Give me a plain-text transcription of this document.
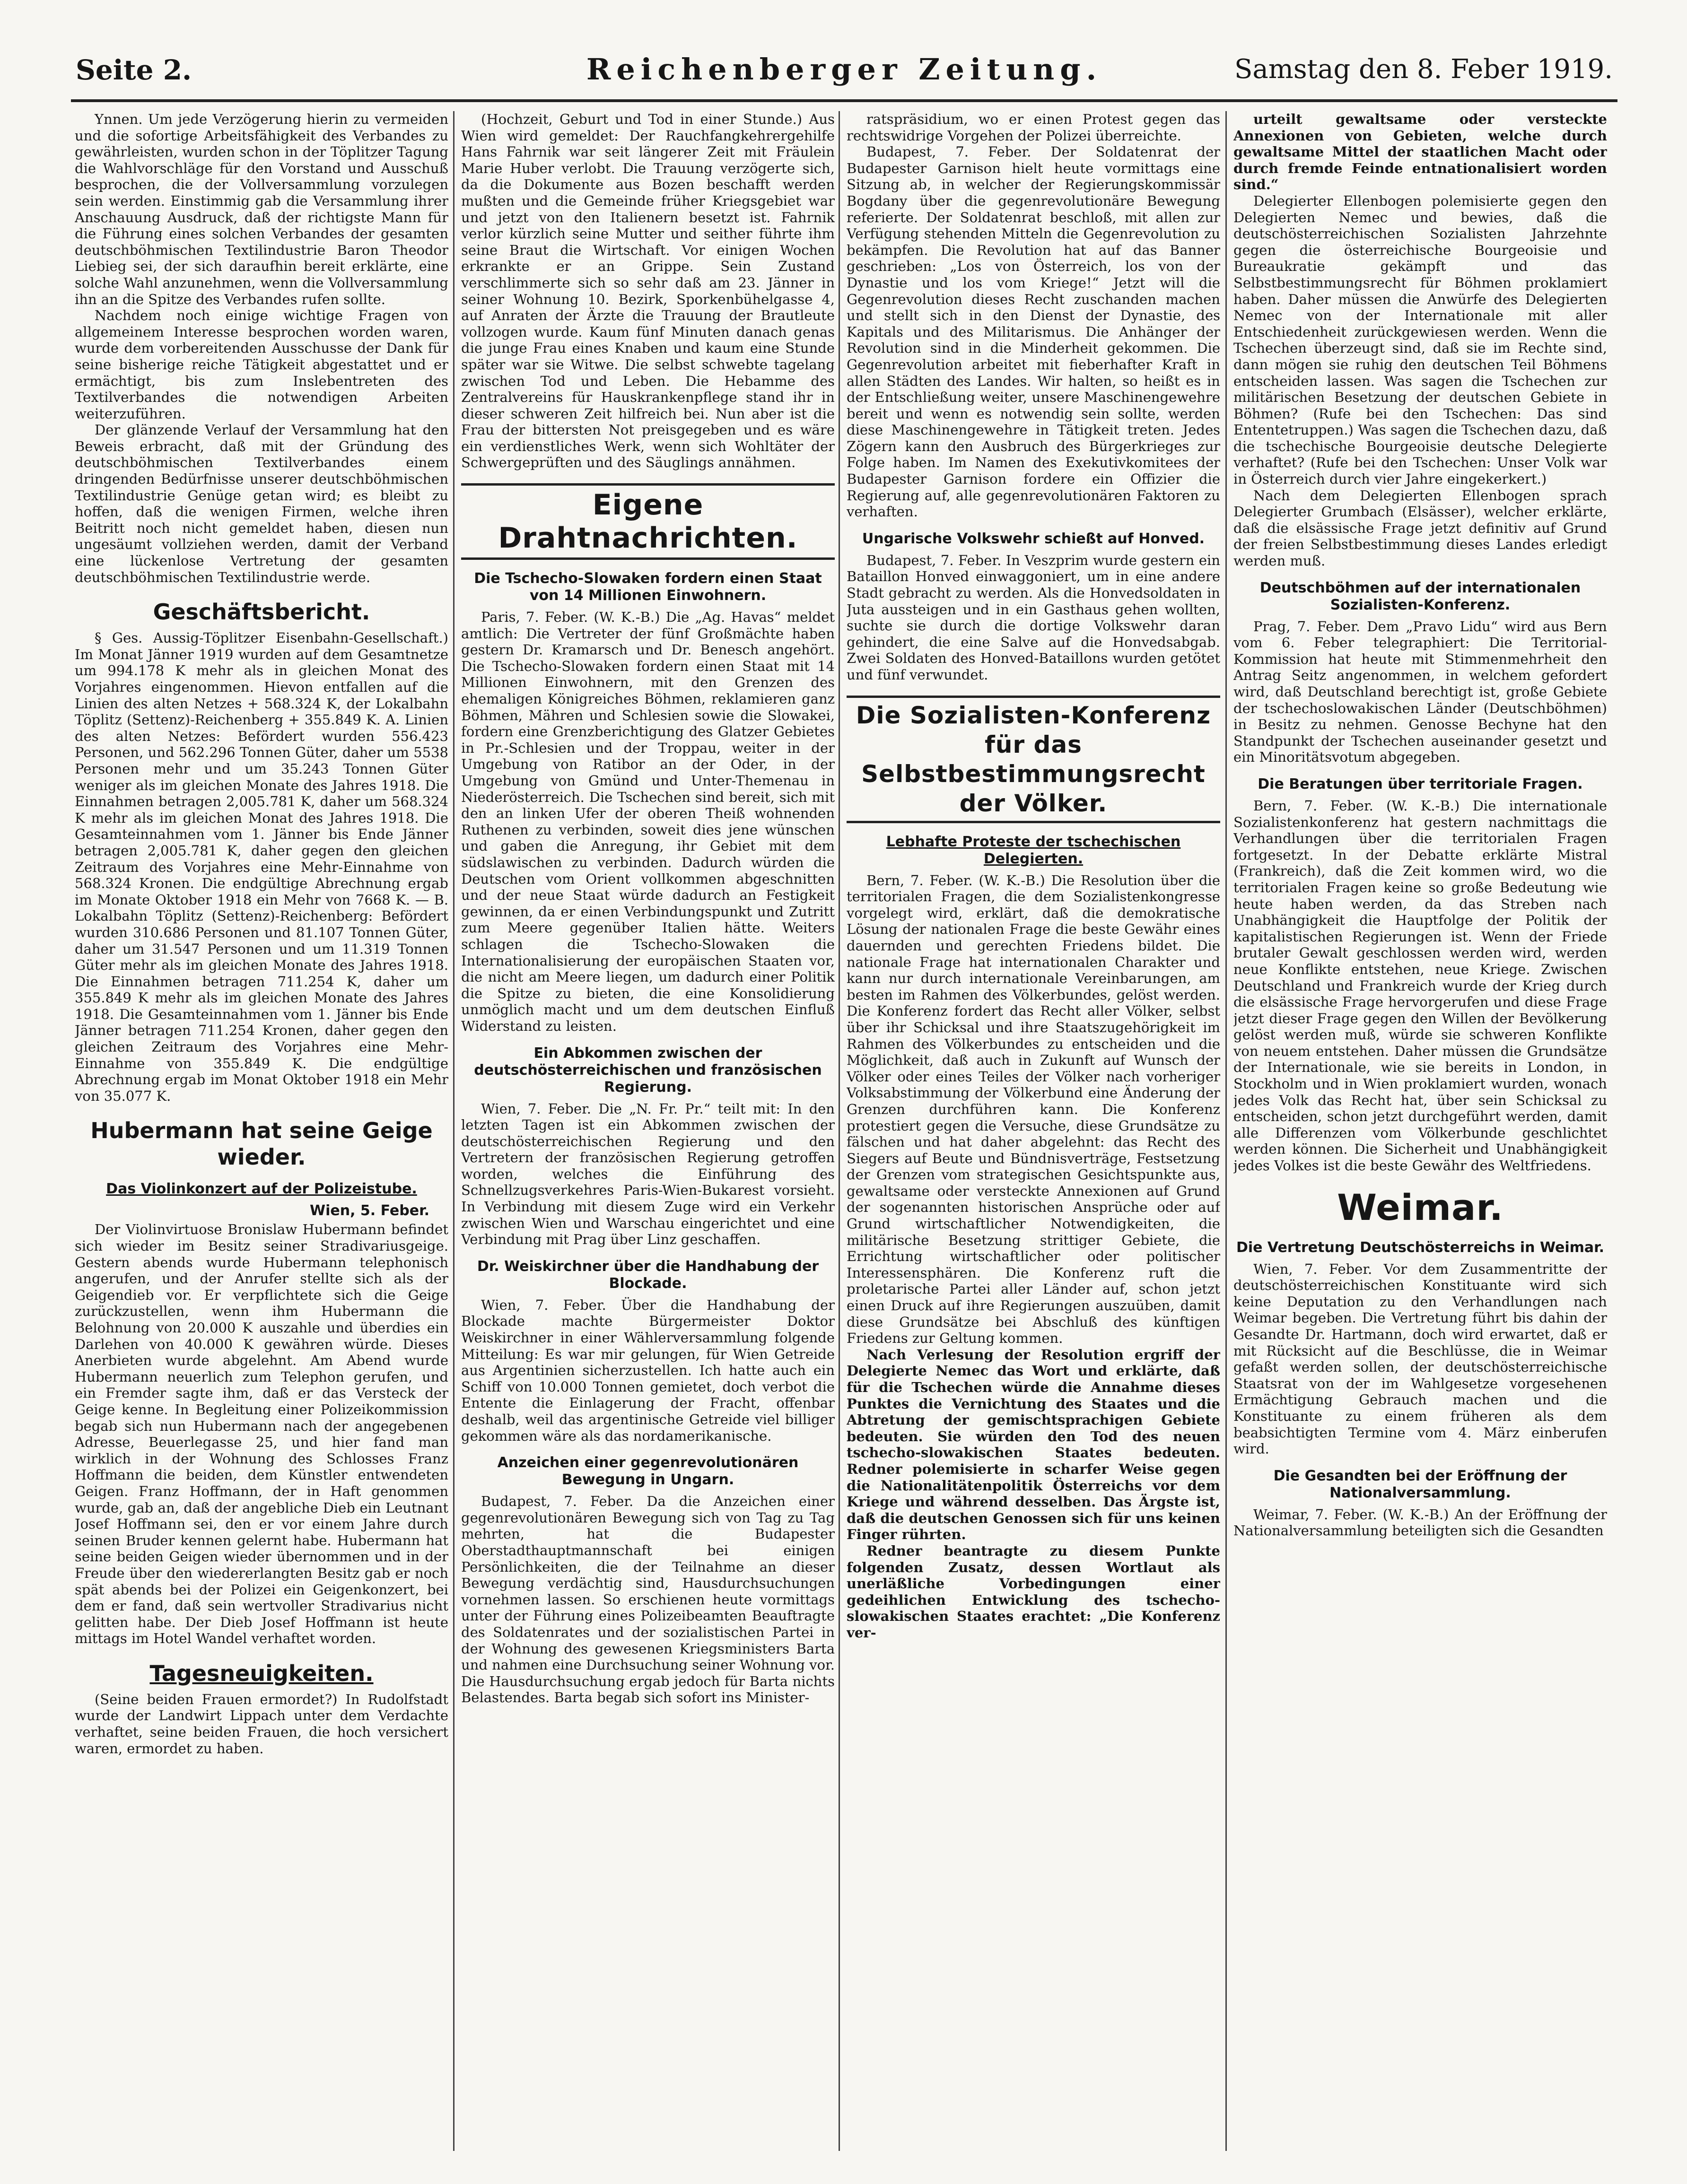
Seite 2.	Reichenberger Zeitung.	Samstag den 8. Feber 1919.

Ynnen. Um jede Verzögerung hierin zu vermeiden und die sofortige Arbeitsfähigkeit des Verbandes zu gewährleisten, wurden schon in der Töplitzer Tagung die Wahlvorschläge für den Vorstand und Ausschuß besprochen, die der Vollversammlung vorzulegen sein werden. Einstimmig gab die Versammlung ihrer Anschauung Ausdruck, daß der richtigste Mann für die Führung eines solchen Verbandes der gesamten deutschböhmischen Textilindustrie Baron Theodor Liebieg sei, der sich daraufhin bereit erklärte, eine solche Wahl anzunehmen, wenn die Vollversammlung ihn an die Spitze des Verbandes rufen sollte.

Nachdem noch einige wichtige Fragen von allgemeinem Interesse besprochen worden waren, wurde dem vorbereitenden Ausschusse der Dank für seine bisherige reiche Tätigkeit abgestattet und er ermächtigt, bis zum Inslebentreten des Textilverbandes die notwendigen Arbeiten weiterzuführen.

Der glänzende Verlauf der Versammlung hat den Beweis erbracht, daß mit der Gründung des deutschböhmischen Textilverbandes einem dringenden Bedürfnisse unserer deutschböhmischen Textilindustrie Genüge getan wird; es bleibt zu hoffen, daß die wenigen Firmen, welche ihren Beitritt noch nicht gemeldet haben, diesen nun ungesäumt vollziehen werden, damit der Verband eine lückenlose Vertretung der gesamten deutschböhmischen Textilindustrie werde.

Geschäftsbericht.

§ Ges. Aussig-Töplitzer Eisenbahn-Gesellschaft.) Im Monat Jänner 1919 wurden auf dem Gesamtnetze um 994.178 K mehr als in gleichen Monat des Vorjahres eingenommen. Hievon entfallen auf die Linien des alten Netzes + 568.324 K, der Lokalbahn Töplitz (Settenz)-Reichenberg + 355.849 K. A. Linien des alten Netzes: Befördert wurden 556.423 Personen, und 562.296 Tonnen Güter, daher um 5538 Personen mehr und um 35.243 Tonnen Güter weniger als im gleichen Monate des Jahres 1918. Die Einnahmen betragen 2,005.781 K, daher um 568.324 K mehr als im gleichen Monat des Jahres 1918. Die Gesamteinnahmen vom 1. Jänner bis Ende Jänner betragen 2,005.781 K, daher gegen den gleichen Zeitraum des Vorjahres eine Mehr-Einnahme von 568.324 Kronen. Die endgültige Abrechnung ergab im Monate Oktober 1918 ein Mehr von 7668 K. — B. Lokalbahn Töplitz (Settenz)-Reichenberg: Befördert wurden 310.686 Personen und 81.107 Tonnen Güter, daher um 31.547 Personen und um 11.319 Tonnen Güter mehr als im gleichen Monate des Jahres 1918. Die Einnahmen betragen 711.254 K, daher um 355.849 K mehr als im gleichen Monate des Jahres 1918. Die Gesamteinnahmen vom 1. Jänner bis Ende Jänner betragen 711.254 Kronen, daher gegen den gleichen Zeitraum des Vorjahres eine Mehr-Einnahme von 355.849 K. Die endgültige Abrechnung ergab im Monat Oktober 1918 ein Mehr von 35.077 K.

Hubermann hat seine Geige wieder.
Das Violinkonzert auf der Polizeistube.
Wien, 5. Feber.

Der Violinvirtuose Bronislaw Hubermann befindet sich wieder im Besitz seiner Stradivariusgeige. Gestern abends wurde Hubermann telephonisch angerufen, und der Anrufer stellte sich als der Geigendieb vor. Er verpflichtete sich die Geige zurückzustellen, wenn ihm Hubermann die Belohnung von 20.000 K auszahle und überdies ein Darlehen von 40.000 K gewähren würde. Dieses Anerbieten wurde abgelehnt. Am Abend wurde Hubermann neuerlich zum Telephon gerufen, und ein Fremder sagte ihm, daß er das Versteck der Geige kenne. In Begleitung einer Polizeikommission begab sich nun Hubermann nach der angegebenen Adresse, Beuerlegasse 25, und hier fand man wirklich in der Wohnung des Schlosses Franz Hoffmann die beiden, dem Künstler entwendeten Geigen. Franz Hoffmann, der in Haft genommen wurde, gab an, daß der angebliche Dieb ein Leutnant Josef Hoffmann sei, den er vor einem Jahre durch seinen Bruder kennen gelernt habe. Hubermann hat seine beiden Geigen wieder übernommen und in der Freude über den wiedererlangten Besitz gab er noch spät abends bei der Polizei ein Geigenkonzert, bei dem er fand, daß sein wertvoller Stradivarius nicht gelitten habe. Der Dieb Josef Hoffmann ist heute mittags im Hotel Wandel verhaftet worden.

Tagesneuigkeiten.

(Seine beiden Frauen ermordet?) In Rudolfstadt wurde der Landwirt Lippach unter dem Verdachte verhaftet, seine beiden Frauen, die hoch versichert waren, ermordet zu haben.

(Hochzeit, Geburt und Tod in einer Stunde.) Aus Wien wird gemeldet: Der Rauchfangkehrergehilfe Hans Fahrnik war seit längerer Zeit mit Fräulein Marie Huber verlobt. Die Trauung verzögerte sich, da die Dokumente aus Bozen beschafft werden mußten und die Gemeinde früher Kriegsgebiet war und jetzt von den Italienern besetzt ist. Fahrnik verlor kürzlich seine Mutter und seither führte ihm seine Braut die Wirtschaft. Vor einigen Wochen erkrankte er an Grippe. Sein Zustand verschlimmerte sich so sehr daß am 23. Jänner in seiner Wohnung 10. Bezirk, Sporkenbühelgasse 4, auf Anraten der Ärzte die Trauung der Brautleute vollzogen wurde. Kaum fünf Minuten danach genas die junge Frau eines Knaben und kaum eine Stunde später war sie Witwe. Die selbst schwebte tagelang zwischen Tod und Leben. Die Hebamme des Zentralvereins für Hauskrankenpflege stand ihr in dieser schweren Zeit hilfreich bei. Nun aber ist die Frau der bittersten Not preisgegeben und es wäre ein verdienstliches Werk, wenn sich Wohltäter der Schwergeprüften und des Säuglings annähmen.

Eigene Drahtnachrichten.
Die Tschecho-Slowaken fordern einen Staat von 14 Millionen Einwohnern.

Paris, 7. Feber. (W. K.-B.) Die „Ag. Havas“ meldet amtlich: Die Vertreter der fünf Großmächte haben gestern Dr. Kramarsch und Dr. Benesch angehört. Die Tschecho-Slowaken fordern einen Staat mit 14 Millionen Einwohnern, mit den Grenzen des ehemaligen Königreiches Böhmen, reklamieren ganz Böhmen, Mähren und Schlesien sowie die Slowakei, fordern eine Grenzberichtigung des Glatzer Gebietes in Pr.-Schlesien und der Troppau, weiter in der Umgebung von Ratibor an der Oder, in der Umgebung von Gmünd und Unter-Themenau in Niederösterreich. Die Tschechen sind bereit, sich mit den an linken Ufer der oberen Theiß wohnenden Ruthenen zu verbinden, soweit dies jene wünschen und gaben die Anregung, ihr Gebiet mit dem südslawischen zu verbinden. Dadurch würden die Deutschen vom Orient vollkommen abgeschnitten und der neue Staat würde dadurch an Festigkeit gewinnen, da er einen Verbindungspunkt und Zutritt zum Meere gegenüber Italien hätte. Weiters schlagen die Tschecho-Slowaken die Internationalisierung der europäischen Staaten vor, die nicht am Meere liegen, um dadurch einer Politik die Spitze zu bieten, die eine Konsolidierung unmöglich macht und um dem deutschen Einfluß Widerstand zu leisten.

Ein Abkommen zwischen der deutschösterreichischen und französischen Regierung.

Wien, 7. Feber. Die „N. Fr. Pr.“ teilt mit: In den letzten Tagen ist ein Abkommen zwischen der deutschösterreichischen Regierung und den Vertretern der französischen Regierung getroffen worden, welches die Einführung des Schnellzugsverkehres Paris-Wien-Bukarest vorsieht. In Verbindung mit diesem Zuge wird ein Verkehr zwischen Wien und Warschau eingerichtet und eine Verbindung mit Prag über Linz geschaffen.

Dr. Weiskirchner über die Handhabung der Blockade.

Wien, 7. Feber. Über die Handhabung der Blockade machte Bürgermeister Doktor Weiskirchner in einer Wählerversammlung folgende Mitteilung: Es war mir gelungen, für Wien Getreide aus Argentinien sicherzustellen. Ich hatte auch ein Schiff von 10.000 Tonnen gemietet, doch verbot die Entente die Einlagerung der Fracht, offenbar deshalb, weil das argentinische Getreide viel billiger gekommen wäre als das nordamerikanische.

Anzeichen einer gegenrevolutionären Bewegung in Ungarn.

Budapest, 7. Feber. Da die Anzeichen einer gegenrevolutionären Bewegung sich von Tag zu Tag mehrten, hat die Budapester Oberstadthauptmannschaft bei einigen Persönlichkeiten, die der Teilnahme an dieser Bewegung verdächtig sind, Hausdurchsuchungen vornehmen lassen. So erschienen heute vormittags unter der Führung eines Polizeibeamten Beauftragte des Soldatenrates und der sozialistischen Partei in der Wohnung des gewesenen Kriegsministers Barta und nahmen eine Durchsuchung seiner Wohnung vor. Die Hausdurchsuchung ergab jedoch für Barta nichts Belastendes. Barta begab sich sofort ins Minister-

ratspräsidium, wo er einen Protest gegen das rechtswidrige Vorgehen der Polizei überreichte.

Budapest, 7. Feber. Der Soldatenrat der Budapester Garnison hielt heute vormittags eine Sitzung ab, in welcher der Regierungskommissär Bogdany über die gegenrevolutionäre Bewegung referierte. Der Soldatenrat beschloß, mit allen zur Verfügung stehenden Mitteln die Gegenrevolution zu bekämpfen. Die Revolution hat auf das Banner geschrieben: „Los von Österreich, los von der Dynastie und los vom Kriege!“ Jetzt will die Gegenrevolution dieses Recht zuschanden machen und stellt sich in den Dienst der Dynastie, des Kapitals und des Militarismus. Die Anhänger der Revolution sind in die Minderheit gekommen. Die Gegenrevolution arbeitet mit fieberhafter Kraft in allen Städten des Landes. Wir halten, so heißt es in der Entschließung weiter, unsere Maschinengewehre bereit und wenn es notwendig sein sollte, werden diese Maschinengewehre in Tätigkeit treten. Jedes Zögern kann den Ausbruch des Bürgerkrieges zur Folge haben. Im Namen des Exekutivkomitees der Budapester Garnison fordere ein Offizier die Regierung auf, alle gegenrevolutionären Faktoren zu verhaften.

Ungarische Volkswehr schießt auf Honved.

Budapest, 7. Feber. In Veszprim wurde gestern ein Bataillon Honved einwaggoniert, um in eine andere Stadt gebracht zu werden. Als die Honvedsoldaten in Juta aussteigen und in ein Gasthaus gehen wollten, suchte sie durch die dortige Volkswehr daran gehindert, die eine Salve auf die Honvedsabgab. Zwei Soldaten des Honved-Bataillons wurden getötet und fünf verwundet.

Die Sozialisten-Konferenz für das Selbstbestimmungsrecht der Völker.
Lebhafte Proteste der tschechischen Delegierten.

Bern, 7. Feber. (W. K.-B.) Die Resolution über die territorialen Fragen, die dem Sozialistenkongresse vorgelegt wird, erklärt, daß die demokratische Lösung der nationalen Frage die beste Gewähr eines dauernden und gerechten Friedens bildet. Die nationale Frage hat internationalen Charakter und kann nur durch internationale Vereinbarungen, am besten im Rahmen des Völkerbundes, gelöst werden. Die Konferenz fordert das Recht aller Völker, selbst über ihr Schicksal und ihre Staatszugehörigkeit im Rahmen des Völkerbundes zu entscheiden und die Möglichkeit, daß auch in Zukunft auf Wunsch der Völker oder eines Teiles der Völker nach vorheriger Volksabstimmung der Völkerbund eine Änderung der Grenzen durchführen kann. Die Konferenz protestiert gegen die Versuche, diese Grundsätze zu fälschen und hat daher abgelehnt: das Recht des Siegers auf Beute und Bündnisverträge, Festsetzung der Grenzen vom strategischen Gesichtspunkte aus, gewaltsame oder versteckte Annexionen auf Grund der sogenannten historischen Ansprüche oder auf Grund wirtschaftlicher Notwendigkeiten, die militärische Besetzung strittiger Gebiete, die Errichtung wirtschaftlicher oder politischer Interessensphären. Die Konferenz ruft die proletarische Partei aller Länder auf, schon jetzt einen Druck auf ihre Regierungen auszuüben, damit diese Grundsätze bei Abschluß des künftigen Friedens zur Geltung kommen.

Nach Verlesung der Resolution ergriff der Delegierte Nemec das Wort und erklärte, daß für die Tschechen würde die Annahme dieses Punktes die Vernichtung des Staates und die Abtretung der gemischtsprachigen Gebiete bedeuten. Sie würden den Tod des neuen tschecho-slowakischen Staates bedeuten. Redner polemisierte in scharfer Weise gegen die Nationalitätenpolitik Österreichs vor dem Kriege und während desselben. Das Ärgste ist, daß die deutschen Genossen sich für uns keinen Finger rührten.

Redner beantragte zu diesem Punkte folgenden Zusatz, dessen Wortlaut als unerläßliche Vorbedingungen einer gedeihlichen Entwicklung des tschecho-slowakischen Staates erachtet: „Die Konferenz ver-

urteilt gewaltsame oder versteckte Annexionen von Gebieten, welche durch gewaltsame Mittel der staatlichen Macht oder durch fremde Feinde entnationalisiert worden sind.“

Delegierter Ellenbogen polemisierte gegen den Delegierten Nemec und bewies, daß die deutschösterreichischen Sozialisten Jahrzehnte gegen die österreichische Bourgeoisie und Bureaukratie gekämpft und das Selbstbestimmungsrecht für Böhmen proklamiert haben. Daher müssen die Anwürfe des Delegierten Nemec von der Internationale mit aller Entschiedenheit zurückgewiesen werden. Wenn die Tschechen überzeugt sind, daß sie im Rechte sind, dann mögen sie ruhig den deutschen Teil Böhmens entscheiden lassen. Was sagen die Tschechen zur militärischen Besetzung der deutschen Gebiete in Böhmen? (Rufe bei den Tschechen: Das sind Ententetruppen.) Was sagen die Tschechen dazu, daß die tschechische Bourgeoisie deutsche Delegierte verhaftet? (Rufe bei den Tschechen: Unser Volk war in Österreich durch vier Jahre eingekerkert.)

Nach dem Delegierten Ellenbogen sprach Delegierter Grumbach (Elsässer), welcher erklärte, daß die elsässische Frage jetzt definitiv auf Grund der freien Selbstbestimmung dieses Landes erledigt werden muß.

Deutschböhmen auf der internationalen Sozialisten-Konferenz.

Prag, 7. Feber. Dem „Pravo Lidu“ wird aus Bern vom 6. Feber telegraphiert: Die Territorial-Kommission hat heute mit Stimmenmehrheit den Antrag Seitz angenommen, in welchem gefordert wird, daß Deutschland berechtigt ist, große Gebiete der tschechoslowakischen Länder (Deutschböhmen) in Besitz zu nehmen. Genosse Bechyne hat den Standpunkt der Tschechen auseinander gesetzt und ein Minoritätsvotum abgegeben.

Die Beratungen über territoriale Fragen.

Bern, 7. Feber. (W. K.-B.) Die internationale Sozialistenkonferenz hat gestern nachmittags die Verhandlungen über die territorialen Fragen fortgesetzt. In der Debatte erklärte Mistral (Frankreich), daß die Zeit kommen wird, wo die territorialen Fragen keine so große Bedeutung wie heute haben werden, da das Streben nach Unabhängigkeit die Hauptfolge der Politik der kapitalistischen Regierungen ist. Wenn der Friede brutaler Gewalt geschlossen werden wird, werden neue Konflikte entstehen, neue Kriege. Zwischen Deutschland und Frankreich wurde der Krieg durch die elsässische Frage hervorgerufen und diese Frage jetzt dieser Frage gegen den Willen der Bevölkerung gelöst werden muß, würde sie schweren Konflikte von neuem entstehen. Daher müssen die Grundsätze der Internationale, wie sie bereits in London, in Stockholm und in Wien proklamiert wurden, wonach jedes Volk das Recht hat, über sein Schicksal zu entscheiden, schon jetzt durchgeführt werden, damit alle Differenzen vom Völkerbunde geschlichtet werden können. Die Sicherheit und Unabhängigkeit jedes Volkes ist die beste Gewähr des Weltfriedens.

Weimar.
Die Vertretung Deutschösterreichs in Weimar.

Wien, 7. Feber. Vor dem Zusammentritte der deutschösterreichischen Konstituante wird sich keine Deputation zu den Verhandlungen nach Weimar begeben. Die Vertretung führt bis dahin der Gesandte Dr. Hartmann, doch wird erwartet, daß er mit Rücksicht auf die Beschlüsse, die in Weimar gefaßt werden sollen, der deutschösterreichische Staatsrat von der im Wahlgesetze vorgesehenen Ermächtigung Gebrauch machen und die Konstituante zu einem früheren als dem beabsichtigten Termine vom 4. März einberufen wird.

Die Gesandten bei der Eröffnung der Nationalversammlung.

Weimar, 7. Feber. (W. K.-B.) An der Eröffnung der Nationalversammlung beteiligten sich die Gesandten
